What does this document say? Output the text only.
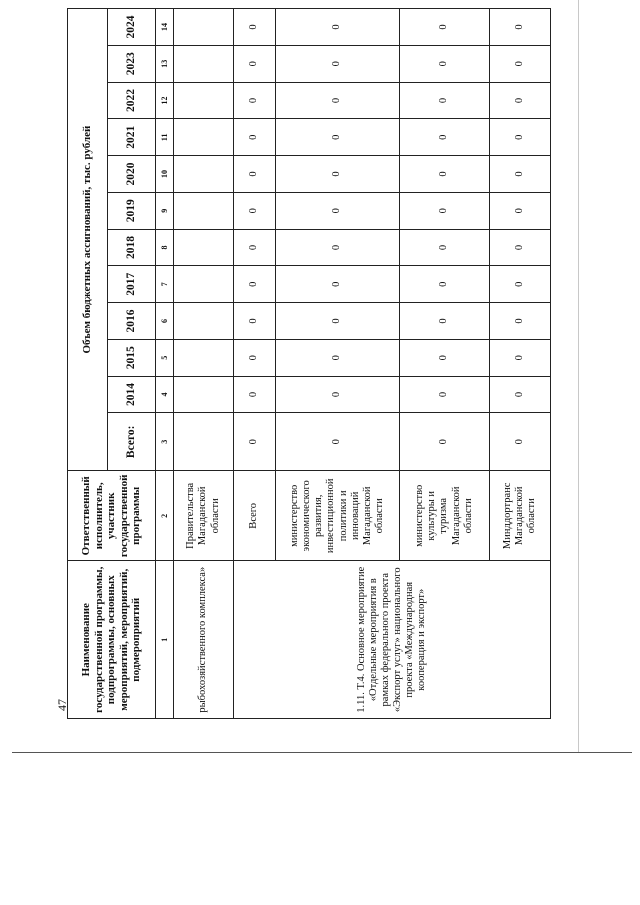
47
Наименование государственной программы, подпрограммы, основных мероприятий, мероприятий, подмероприятий	Ответственный исполнитель, участник государственной программы	Объем бюджетных ассигнований, тыс. рублей											
		Всего:	2014	2015	2016	2017	2018	2019	2020	2021	2022	2023	2024
1	2	3	4	5	6	7	8	9	10	11	12	13	14
рыбохозяйственного комплекса»	Правительства Магаданской области												
1.11. Т.4. Основное мероприятие «Отдельные мероприятия в рамках федерального проекта «Экспорт услуг» национального проекта «Международная кооперация и экспорт»	Всего	0	0	0	0	0	0	0	0	0	0	0	0
	министерство экономического развития, инвестиционной политики и инноваций Магаданской области	0	0	0	0	0	0	0	0	0	0	0	0
	министерство культуры и туризма Магаданской области	0	0	0	0	0	0	0	0	0	0	0	0
	Минддортранс Магаданской области	0	0	0	0	0	0	0	0	0	0	0	0
